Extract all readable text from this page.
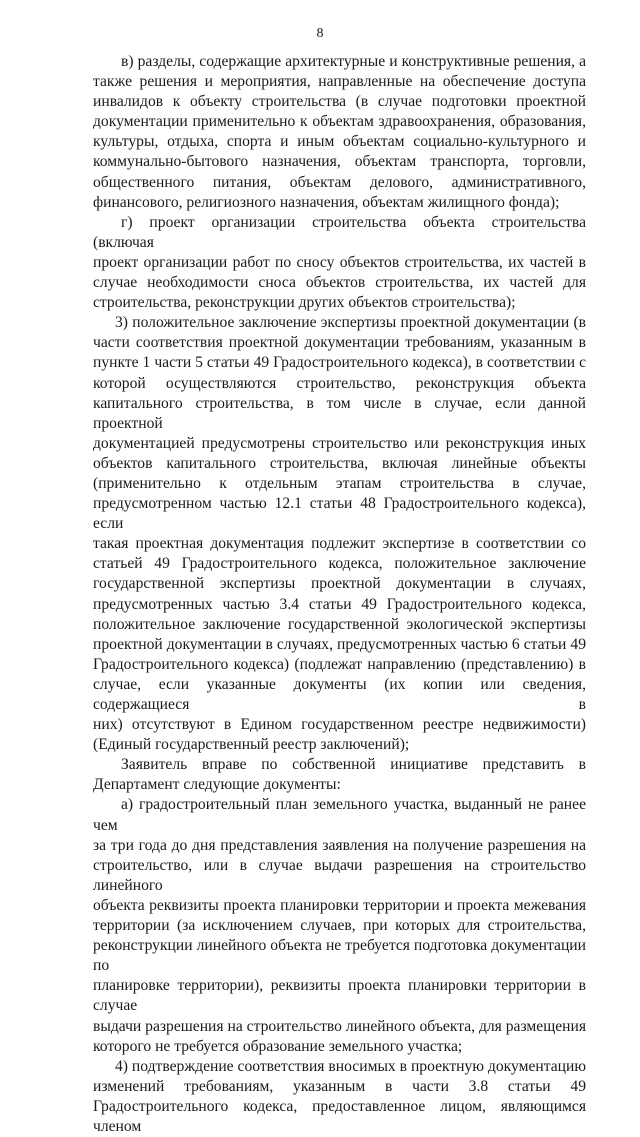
8

в) разделы, содержащие архитектурные и конструктивные решения, а

также решения и мероприятия, направленные на обеспечение доступа

инвалидов к объекту строительства (в случае подготовки проектной

документации применительно к объектам здравоохранения, образования,

культуры, отдыха, спорта и иным объектам социально-культурного и

коммунально-бытового назначения, объектам транспорта, торговли,

общественного питания, объектам делового, административного,

финансового, религиозного назначения, объектам жилищного фонда);

г) проект организации строительства объекта строительства (включая

проект организации работ по сносу объектов строительства, их частей в

случае необходимости сноса объектов строительства, их частей для

строительства, реконструкции других объектов строительства);

3) положительное заключение экспертизы проектной документации (в

части соответствия проектной документации требованиям, указанным в

пункте 1 части 5 статьи 49 Градостроительного кодекса), в соответствии с

которой осуществляются строительство, реконструкция объекта

капитального строительства, в том числе в случае, если данной проектной

документацией предусмотрены строительство или реконструкция иных

объектов капитального строительства, включая линейные объекты

(применительно к отдельным этапам строительства в случае,

предусмотренном частью 12.1 статьи 48 Градостроительного кодекса), если

такая проектная документация подлежит экспертизе в соответствии со

статьей 49 Градостроительного кодекса, положительное заключение

государственной экспертизы проектной документации в случаях,

предусмотренных частью 3.4 статьи 49 Градостроительного кодекса,

положительное заключение государственной экологической экспертизы

проектной документации в случаях, предусмотренных частью 6 статьи 49

Градостроительного кодекса) (подлежат направлению (представлению) в

случае, если указанные документы (их копии или сведения, содержащиеся в

них) отсутствуют в Едином государственном реестре недвижимости)

(Единый государственный реестр заключений);

Заявитель вправе по собственной инициативе представить в

Департамент следующие документы:

а) градостроительный план земельного участка, выданный не ранее чем

за три года до дня представления заявления на получение разрешения на

строительство, или в случае выдачи разрешения на строительство линейного

объекта реквизиты проекта планировки территории и проекта межевания

территории (за исключением случаев, при которых для строительства,

реконструкции линейного объекта не требуется подготовка документации по

планировке территории), реквизиты проекта планировки территории в случае

выдачи разрешения на строительство линейного объекта, для размещения

которого не требуется образование земельного участка;

4) подтверждение соответствия вносимых в проектную документацию

изменений требованиям, указанным в части 3.8 статьи 49

Градостроительного кодекса, предоставленное лицом, являющимся членом
